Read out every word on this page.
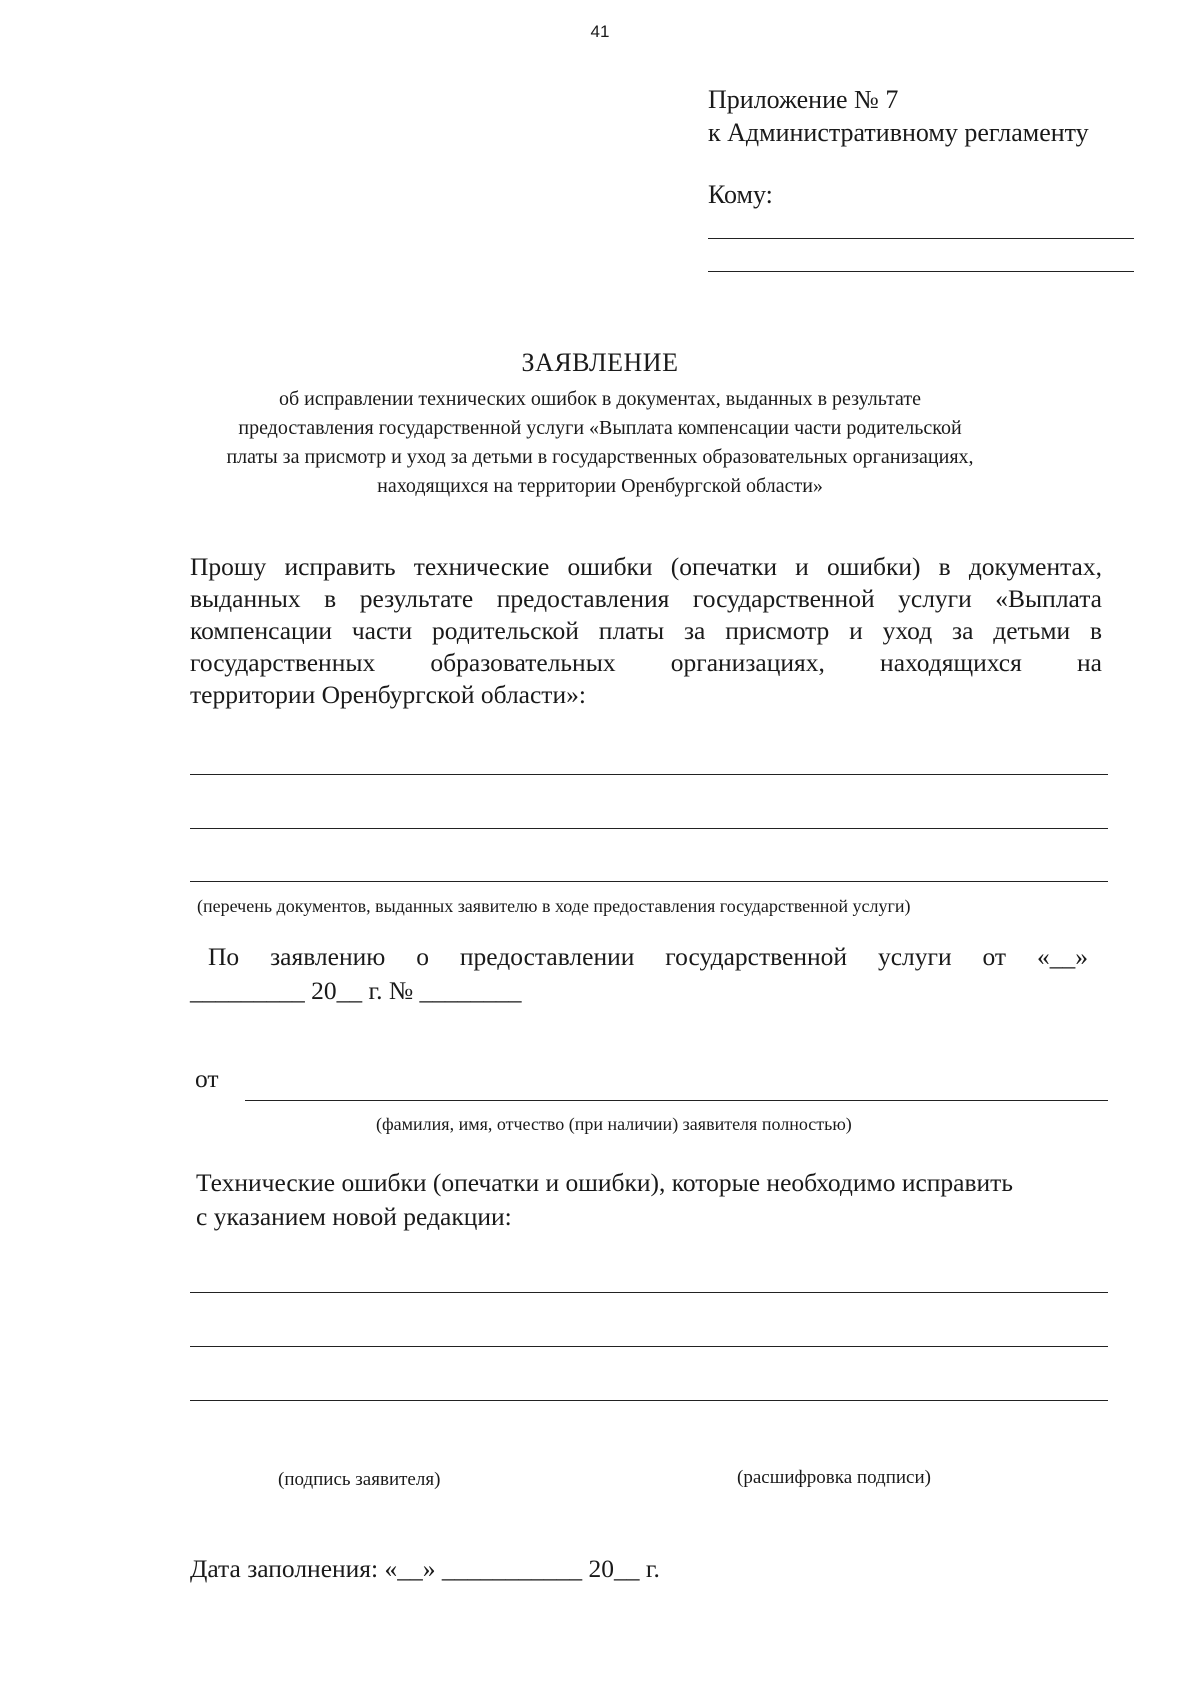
41
Приложение № 7
к Административному регламенту
Кому:
ЗАЯВЛЕНИЕ
об исправлении технических ошибок в документах, выданных в результате
предоставления государственной услуги «Выплата компенсации части родительской
платы за присмотр и уход за детьми в государственных образовательных организациях,
находящихся на территории Оренбургской области»
Прошу исправить технические ошибки (опечатки и ошибки) в документах,
выданных в результате предоставления государственной услуги «Выплата
компенсации части родительской платы за присмотр и уход за детьми в
государственных образовательных организациях, находящихся на
территории Оренбургской области»:
(перечень документов, выданных заявителю в ходе предоставления государственной услуги)
По заявлению о предоставлении государственной услуги от «__»
_________ 20__ г. № ________
от
(фамилия, имя, отчество (при наличии) заявителя полностью)
Технические ошибки (опечатки и ошибки), которые необходимо исправить
с указанием новой редакции:
(подпись заявителя)	(расшифровка подписи)
Дата заполнения: «__» ___________ 20__ г.
